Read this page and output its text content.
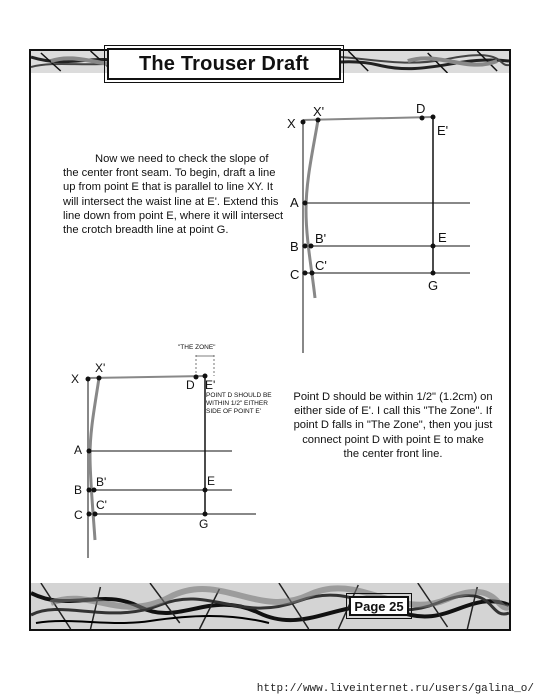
The Trouser Draft
Now we need to check the slope of the center front seam. To begin, draft a line up from point E that is parallel to line XY. It will intersect the waist line at E'. Extend this line down from point E, where it will intersect the crotch breadth line at point G.
Point D should be within 1/2" (1.2cm) on either side of E'. I call this "The Zone". If point D falls in "The Zone", then you just connect point D with point E to make the center front line.
X
X'	D
E'
A
B
B'	E
C
C'
G
"THE ZONE"
POINT D SHOULD BE
WITHIN 1/2" EITHER
SIDE OF POINT E'
X
X'
D E'
A
B
B'	E
C
C'
G
Page 25
http://www.liveinternet.ru/users/galina_o/
